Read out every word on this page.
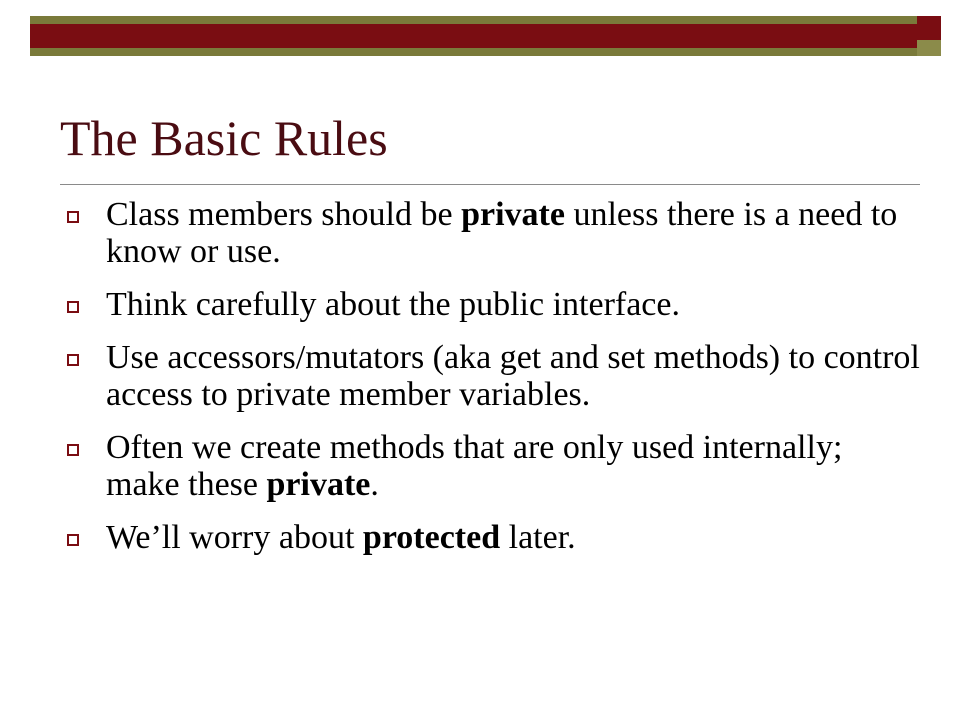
The Basic Rules
Class members should be private unless there is a need to know or use.
Think carefully about the public interface.
Use accessors/mutators (aka get and set methods) to control access to private member variables.
Often we create methods that are only used internally; make these private.
We’ll worry about protected later.
